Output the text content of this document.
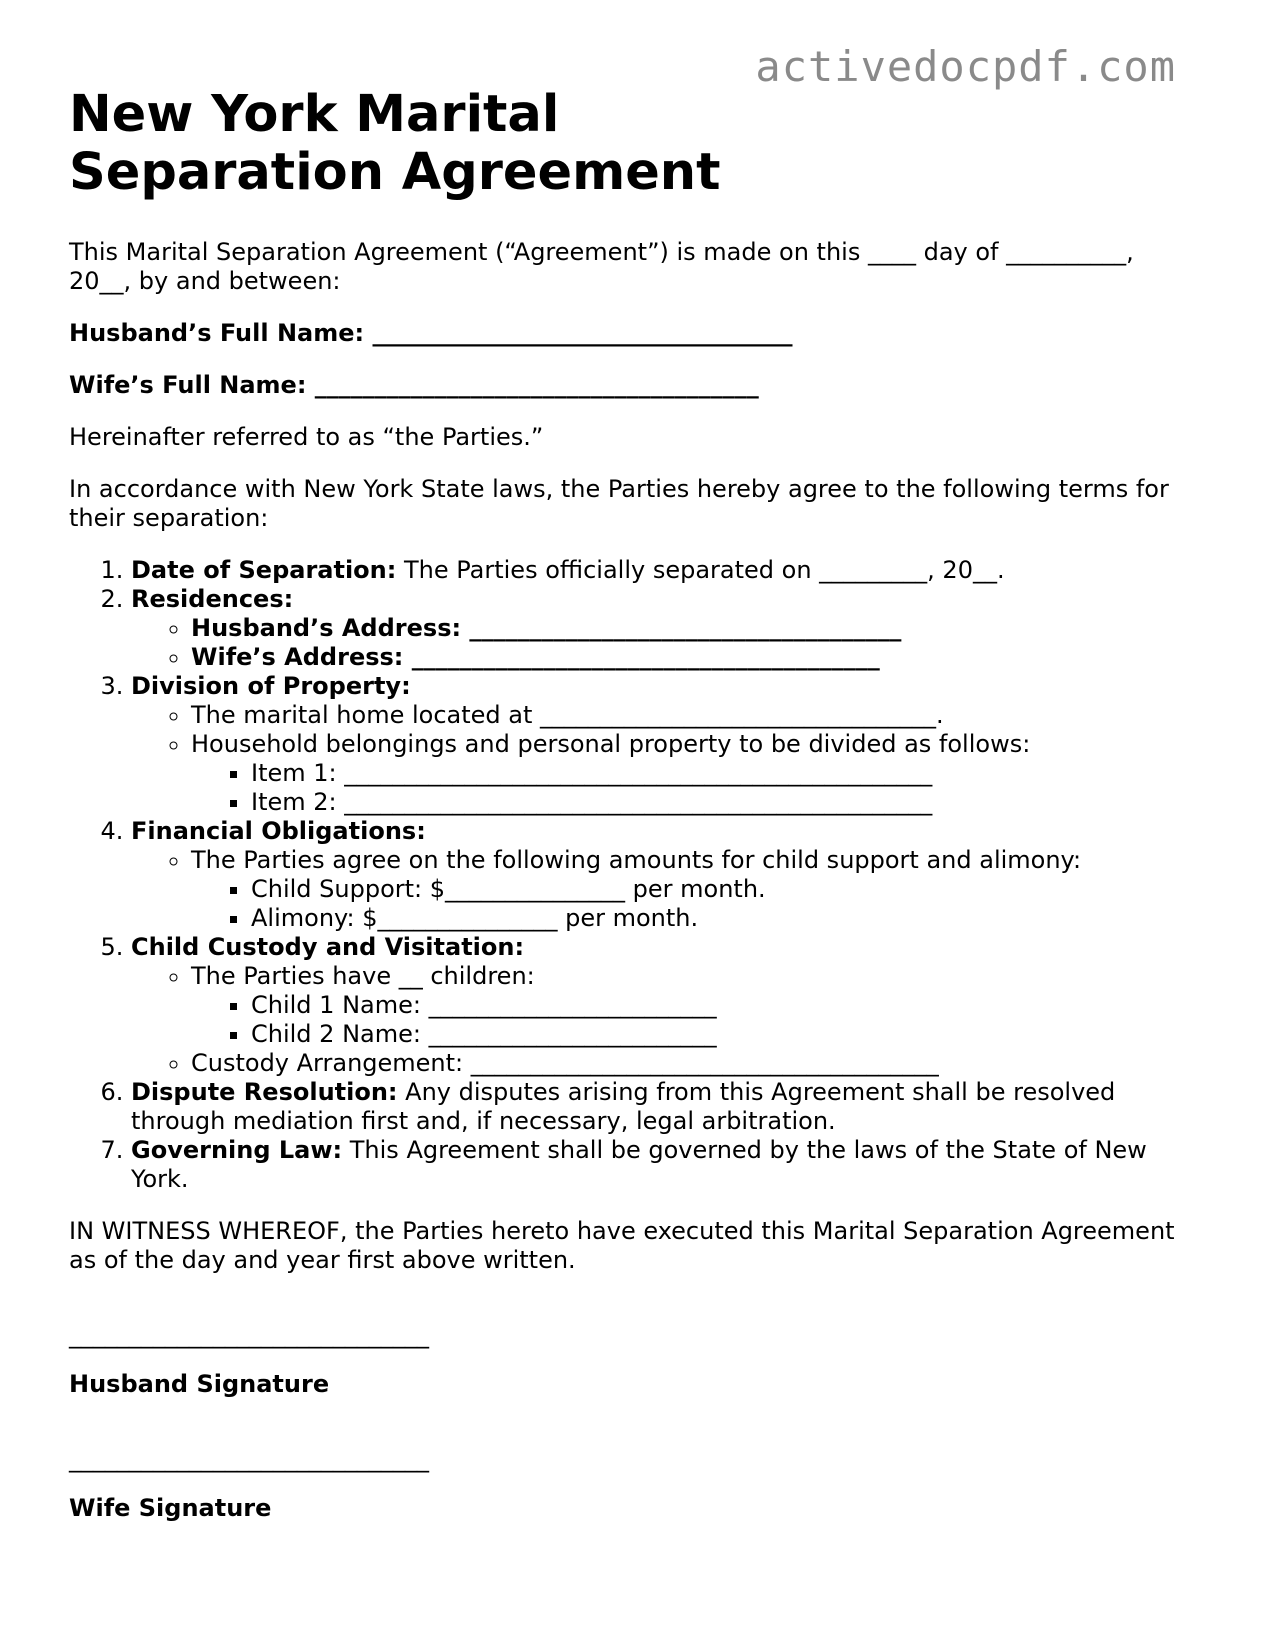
activedocpdf.com
New York Marital Separation Agreement

This Marital Separation Agreement (“Agreement”) is made on this ____ day of __________, 20__, by and between:

Husband’s Full Name: ___________________________________

Wife’s Full Name: _____________________________________

Hereinafter referred to as “the Parties.”

In accordance with New York State laws, the Parties hereby agree to the following terms for their separation:

1. Date of Separation: The Parties officially separated on _________, 20__.
2. Residences:
◦ Husband’s Address: ____________________________________
◦ Wife’s Address: _______________________________________
3. Division of Property:
◦ The marital home located at _________________________________.
◦ Household belongings and personal property to be divided as follows:
▪ Item 1: _________________________________________________
▪ Item 2: _________________________________________________
4. Financial Obligations:
◦ The Parties agree on the following amounts for child support and alimony:
▪ Child Support: $_______________ per month.
▪ Alimony: $_______________ per month.
5. Child Custody and Visitation:
◦ The Parties have __ children:
▪ Child 1 Name: ________________________
▪ Child 2 Name: ________________________
◦ Custody Arrangement: _______________________________________
6. Dispute Resolution: Any disputes arising from this Agreement shall be resolved through mediation first and, if necessary, legal arbitration.
7. Governing Law: This Agreement shall be governed by the laws of the State of New York.

IN WITNESS WHEREOF, the Parties hereto have executed this Marital Separation Agreement as of the day and year first above written.

______________________________
Husband Signature
______________________________
Wife Signature
